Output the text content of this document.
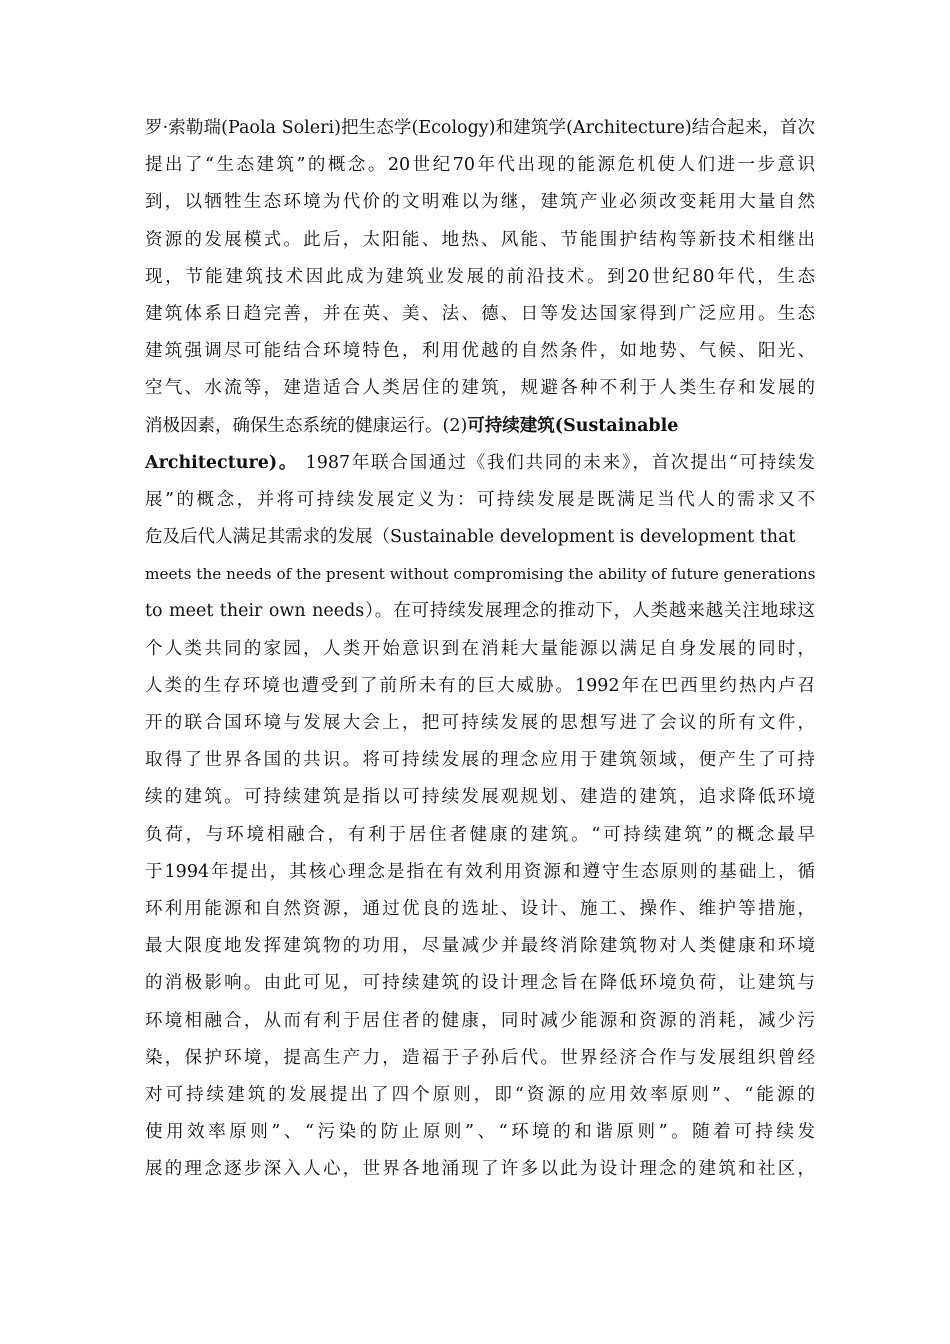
罗·索勒瑞(Paola Soleri)把生态学(Ecology)和建筑学(Architecture)结合起来，首次
提出了“生态建筑”的概念。20世纪70年代出现的能源危机使人们进一步意识
到，以牺牲生态环境为代价的文明难以为继，建筑产业必须改变耗用大量自然
资源的发展模式。此后，太阳能、地热、风能、节能围护结构等新技术相继出
现，节能建筑技术因此成为建筑业发展的前沿技术。到20世纪80年代，生态
建筑体系日趋完善，并在英、美、法、德、日等发达国家得到广泛应用。生态
建筑强调尽可能结合环境特色，利用优越的自然条件，如地势、气候、阳光、
空气、水流等，建造适合人类居住的建筑，规避各种不利于人类生存和发展的
消极因素，确保生态系统的健康运行。(2)可持续建筑(Sustainable
Architecture)。 1987年联合国通过《我们共同的未来》，首次提出“可持续发
展”的概念，并将可持续发展定义为：可持续发展是既满足当代人的需求又不
危及后代人满足其需求的发展（Sustainable development is development that
meets the needs of the present without compromising the ability of future generations
to meet their own needs）。在可持续发展理念的推动下，人类越来越关注地球这
个人类共同的家园，人类开始意识到在消耗大量能源以满足自身发展的同时，
人类的生存环境也遭受到了前所未有的巨大威胁。1992年在巴西里约热内卢召
开的联合国环境与发展大会上，把可持续发展的思想写进了会议的所有文件，
取得了世界各国的共识。将可持续发展的理念应用于建筑领域，便产生了可持
续的建筑。可持续建筑是指以可持续发展观规划、建造的建筑，追求降低环境
负荷，与环境相融合，有利于居住者健康的建筑。“可持续建筑”的概念最早
于1994年提出，其核心理念是指在有效利用资源和遵守生态原则的基础上，循
环利用能源和自然资源，通过优良的选址、设计、施工、操作、维护等措施，
最大限度地发挥建筑物的功用，尽量减少并最终消除建筑物对人类健康和环境
的消极影响。由此可见，可持续建筑的设计理念旨在降低环境负荷，让建筑与
环境相融合，从而有利于居住者的健康，同时减少能源和资源的消耗，减少污
染，保护环境，提高生产力，造福于子孙后代。世界经济合作与发展组织曾经
对可持续建筑的发展提出了四个原则，即“资源的应用效率原则”、“能源的
使用效率原则”、“污染的防止原则”、“环境的和谐原则”。随着可持续发
展的理念逐步深入人心，世界各地涌现了许多以此为设计理念的建筑和社区，
